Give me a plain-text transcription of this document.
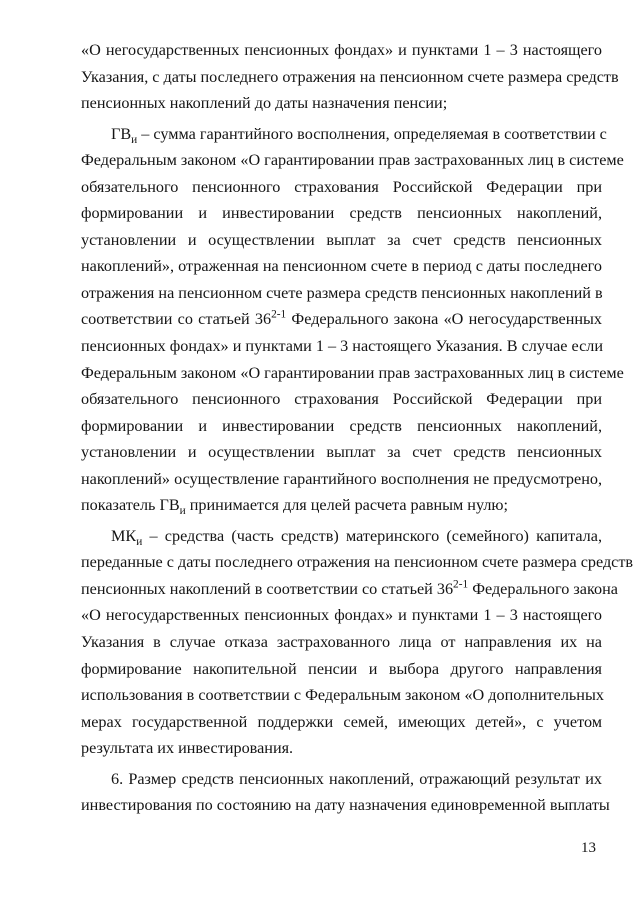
«О негосударственных пенсионных фондах» и пунктами 1 – 3 настоящего
Указания, с даты последнего отражения на пенсионном счете размера средств
пенсионных накоплений до даты назначения пенсии;

$ГВ_и$ – сумма гарантийного восполнения, определяемая в соответствии с
Федеральным законом «О гарантировании прав застрахованных лиц в системе
обязательного пенсионного страхования Российской Федерации при
формировании и инвестировании средств пенсионных накоплений,
установлении и осуществлении выплат за счет средств пенсионных
накоплений», отраженная на пенсионном счете в период с даты последнего
отражения на пенсионном счете размера средств пенсионных накоплений в
соответствии со статьей 36$^{2-1}$ Федерального закона «О негосударственных
пенсионных фондах» и пунктами 1 – 3 настоящего Указания. В случае если
Федеральным законом «О гарантировании прав застрахованных лиц в системе
обязательного пенсионного страхования Российской Федерации при
формировании и инвестировании средств пенсионных накоплений,
установлении и осуществлении выплат за счет средств пенсионных
накоплений» осуществление гарантийного восполнения не предусмотрено,
показатель $ГВ_и$ принимается для целей расчета равным нулю;

$МК_и$ – средства (часть средств) материнского (семейного) капитала,
переданные с даты последнего отражения на пенсионном счете размера средств
пенсионных накоплений в соответствии со статьей 36$^{2-1}$ Федерального закона
«О негосударственных пенсионных фондах» и пунктами 1 – 3 настоящего
Указания в случае отказа застрахованного лица от направления их на
формирование накопительной пенсии и выбора другого направления
использования в соответствии с Федеральным законом «О дополнительных
мерах государственной поддержки семей, имеющих детей», с учетом
результата их инвестирования.

6. Размер средств пенсионных накоплений, отражающий результат их
инвестирования по состоянию на дату назначения единовременной выплаты

13
